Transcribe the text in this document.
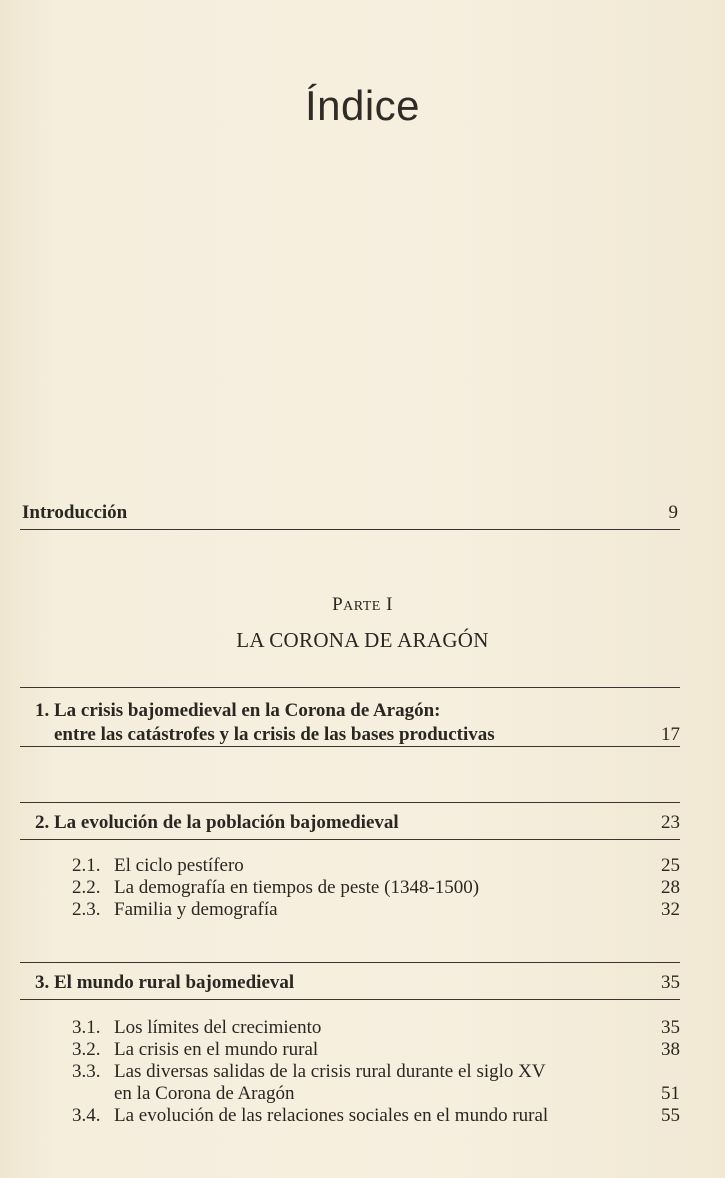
Índice
Introducción	9
PARTE I
LA CORONA DE ARAGÓN
1. La crisis bajomedieval en la Corona de Aragón:
entre las catástrofes y la crisis de las bases productivas	17
2. La evolución de la población bajomedieval	23
2.1. El ciclo pestífero	25
2.2. La demografía en tiempos de peste (1348-1500)	28
2.3. Familia y demografía	32
3. El mundo rural bajomedieval	35
3.1. Los límites del crecimiento	35
3.2. La crisis en el mundo rural	38
3.3. Las diversas salidas de la crisis rural durante el siglo XV
en la Corona de Aragón	51
3.4. La evolución de las relaciones sociales en el mundo rural	55
